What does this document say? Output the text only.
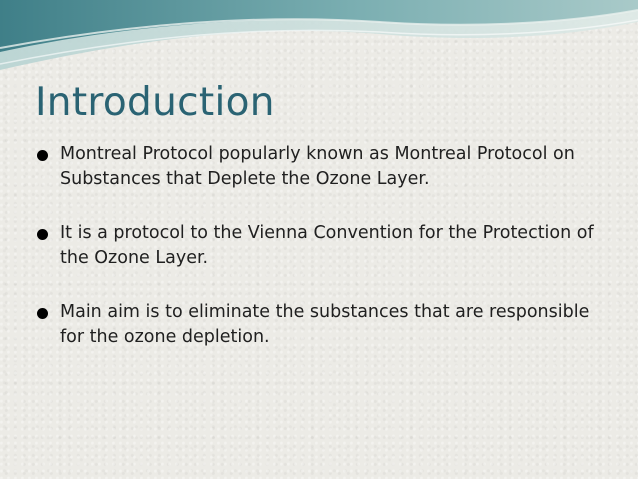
Introduction
Montreal Protocol popularly known as Montreal Protocol on Substances that Deplete the Ozone Layer.
It is a protocol to the Vienna Convention for the Protection of the Ozone Layer.
Main aim is to eliminate the substances that are responsible for the ozone depletion.
